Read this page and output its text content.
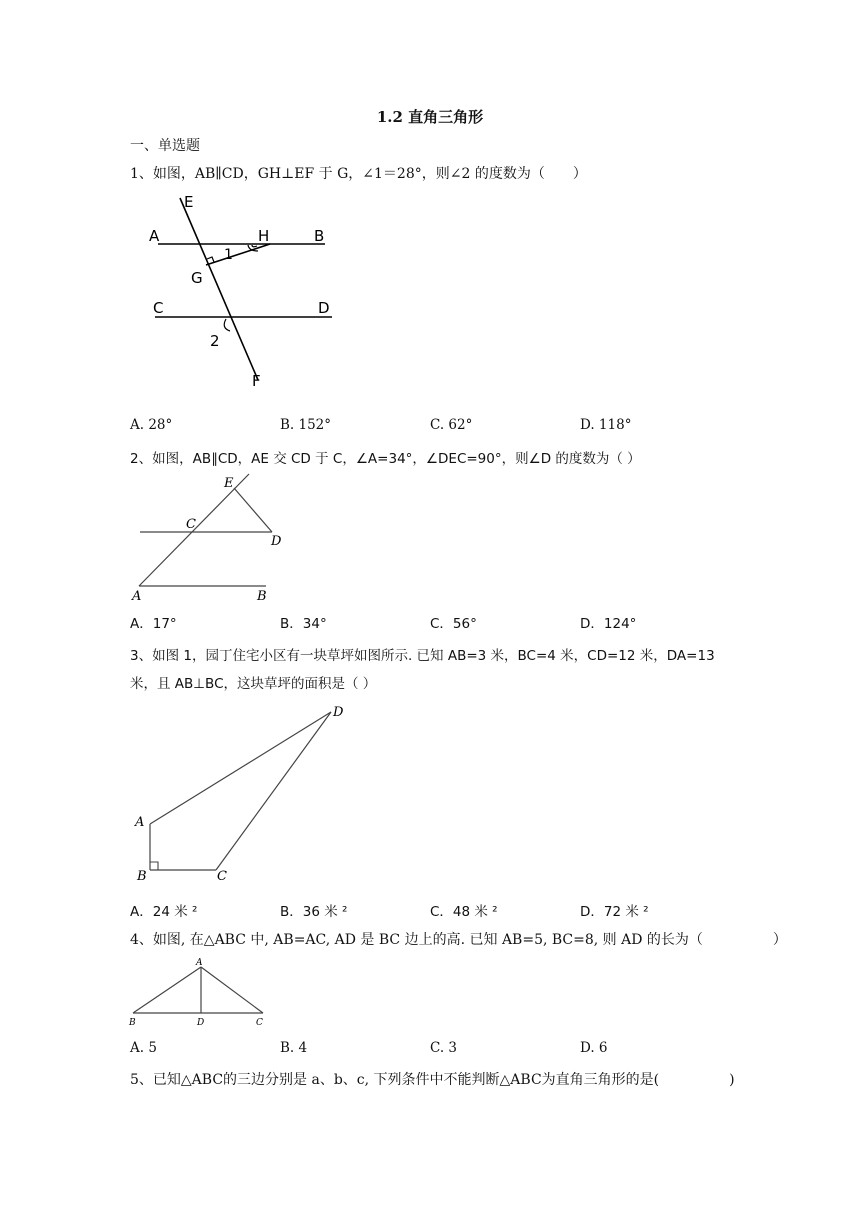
1.2 直角三角形
一、单选题
1、如图，AB∥CD，GH⊥EF 于 G，∠1＝28°，则∠2 的度数为（　　）
E
A	H	B
1
G
C	D
2
F
A. 28°	B. 152°	C. 62°	D. 118°
2、如图，AB∥CD，AE 交 CD 于 C，∠A=34°，∠DEC=90°，则∠D 的度数为（ ）
E
C
D
A	B
A．17°	B．34°	C．56°	D．124°
3、如图 1，园丁住宅小区有一块草坪如图所示. 已知 AB=3 米，BC=4 米，CD=12 米，DA=13
米，且 AB⊥BC，这块草坪的面积是（ ）
D
A
B	C
A．24 米 ²	B．36 米 ²	C．48 米 ²	D．72 米 ²
4、如图, 在△ABC 中, AB=AC, AD 是 BC 边上的高. 已知 AB=5, BC=8, 则 AD 的长为（　　　　　）
A
B	D	C
A. 5	B. 4	C. 3	D. 6
5、已知△ABC的三边分别是 a、b、c, 下列条件中不能判断△ABC为直角三角形的是(　　　　　)
